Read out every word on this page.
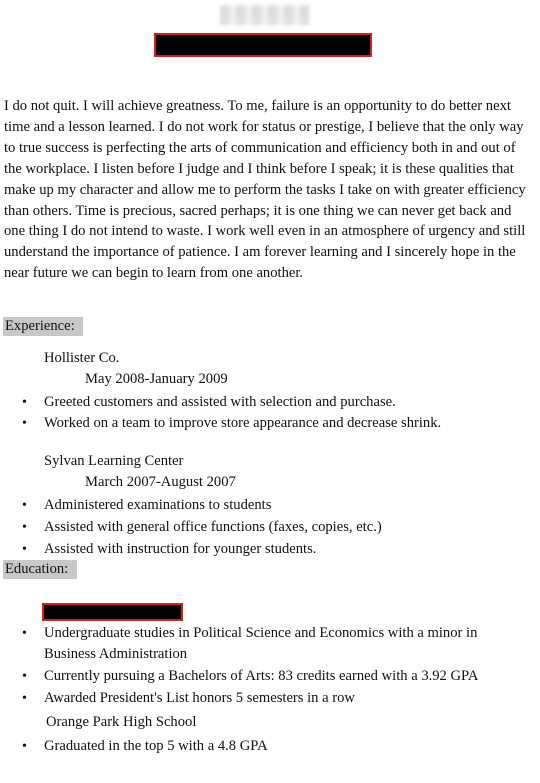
I do not quit. I will achieve greatness. To me, failure is an opportunity to do better next time and a lesson learned. I do not work for status or prestige, I believe that the only way to true success is perfecting the arts of communication and efficiency both in and out of the workplace. I listen before I judge and I think before I speak; it is these qualities that make up my character and allow me to perform the tasks I take on with greater efficiency than others. Time is precious, sacred perhaps; it is one thing we can never get back and one thing I do not intend to waste. I work well even in an atmosphere of urgency and still understand the importance of patience. I am forever learning and I sincerely hope in the near future we can begin to learn from one another.

Experience:
Hollister Co.
May 2008-January 2009
•	Greeted customers and assisted with selection and purchase.
•	Worked on a team to improve store appearance and decrease shrink.
Sylvan Learning Center
March 2007-August 2007
•	Administered examinations to students
•	Assisted with general office functions (faxes, copies, etc.)
•	Assisted with instruction for younger students.
Education:
•	Undergraduate studies in Political Science and Economics with a minor in Business Administration
•	Currently pursuing a Bachelors of Arts: 83 credits earned with a 3.92 GPA
•	Awarded President's List honors 5 semesters in a row
Orange Park High School
•	Graduated in the top 5 with a 4.8 GPA
